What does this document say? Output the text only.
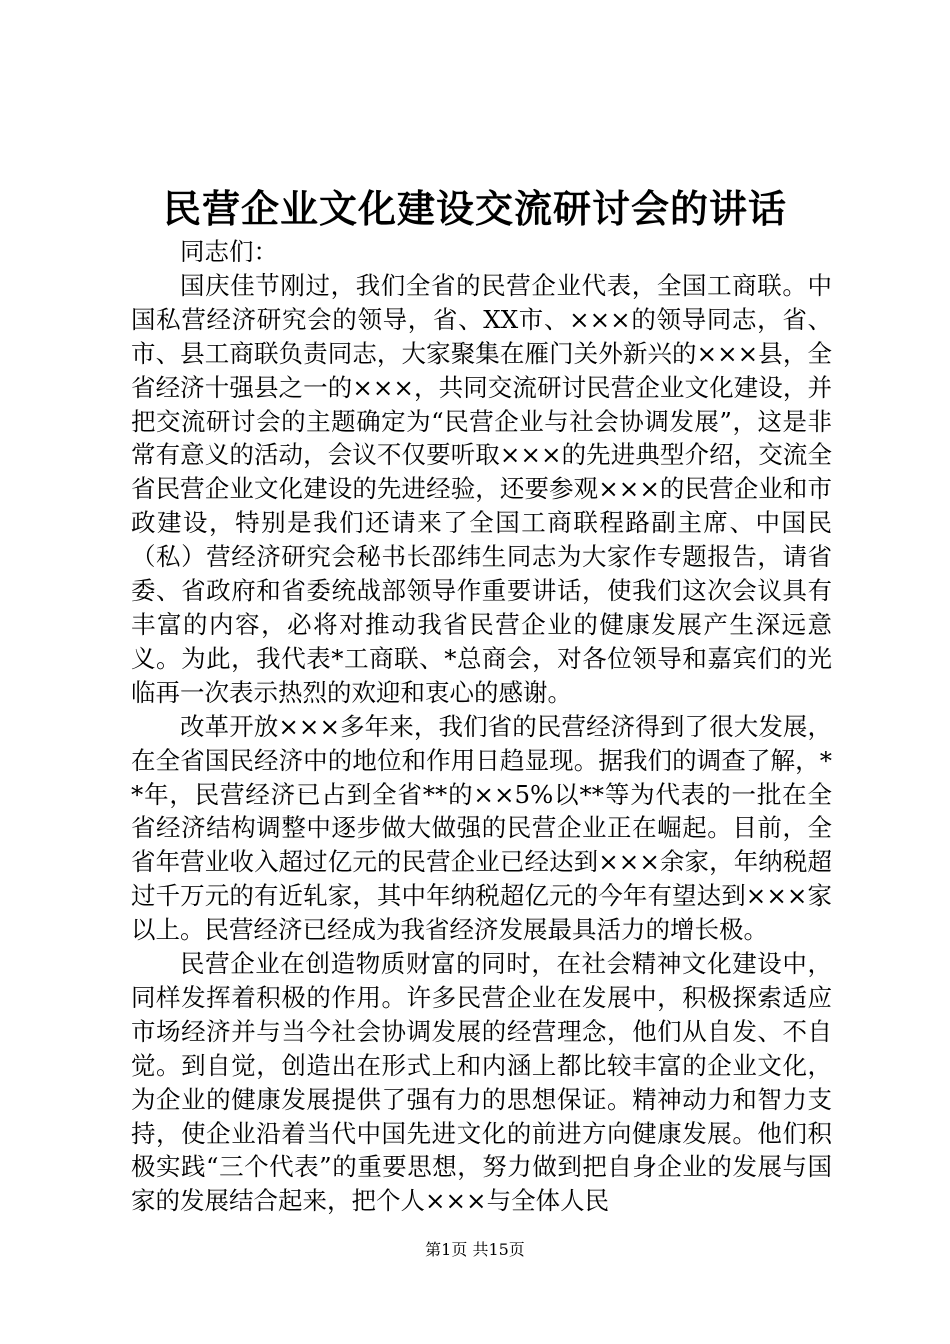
民营企业文化建设交流研讨会的讲话

同志们：

国庆佳节刚过，我们全省的民营企业代表，全国工商联。中国私营经济研究会的领导，省、XX市、×××的领导同志，省、市、县工商联负责同志，大家聚集在雁门关外新兴的×××县，全省经济十强县之一的×××，共同交流研讨民营企业文化建设，并把交流研讨会的主题确定为“民营企业与社会协调发展”，这是非常有意义的活动，会议不仅要听取×××的先进典型介绍，交流全省民营企业文化建设的先进经验，还要参观×××的民营企业和市政建设，特别是我们还请来了全国工商联程路副主席、中国民（私）营经济研究会秘书长邵纬生同志为大家作专题报告，请省委、省政府和省委统战部领导作重要讲话，使我们这次会议具有丰富的内容，必将对推动我省民营企业的健康发展产生深远意义。为此，我代表*工商联、*总商会，对各位领导和嘉宾们的光临再一次表示热烈的欢迎和衷心的感谢。

改革开放×××多年来，我们省的民营经济得到了很大发展，在全省国民经济中的地位和作用日趋显现。据我们的调查了解，**年，民营经济已占到全省**的××5%以**等为代表的一批在全省经济结构调整中逐步做大做强的民营企业正在崛起。目前，全省年营业收入超过亿元的民营企业已经达到×××余家，年纳税超过千万元的有近轧家，其中年纳税超亿元的今年有望达到×××家以上。民营经济已经成为我省经济发展最具活力的增长极。

民营企业在创造物质财富的同时，在社会精神文化建设中，同样发挥着积极的作用。许多民营企业在发展中，积极探索适应市场经济并与当今社会协调发展的经营理念，他们从自发、不自觉。到自觉，创造出在形式上和内涵上都比较丰富的企业文化，为企业的健康发展提供了强有力的思想保证。精神动力和智力支持，使企业沿着当代中国先进文化的前进方向健康发展。他们积极实践“三个代表”的重要思想，努力做到把自身企业的发展与国家的发展结合起来，把个人×××与全体人民

第1页 共15页
